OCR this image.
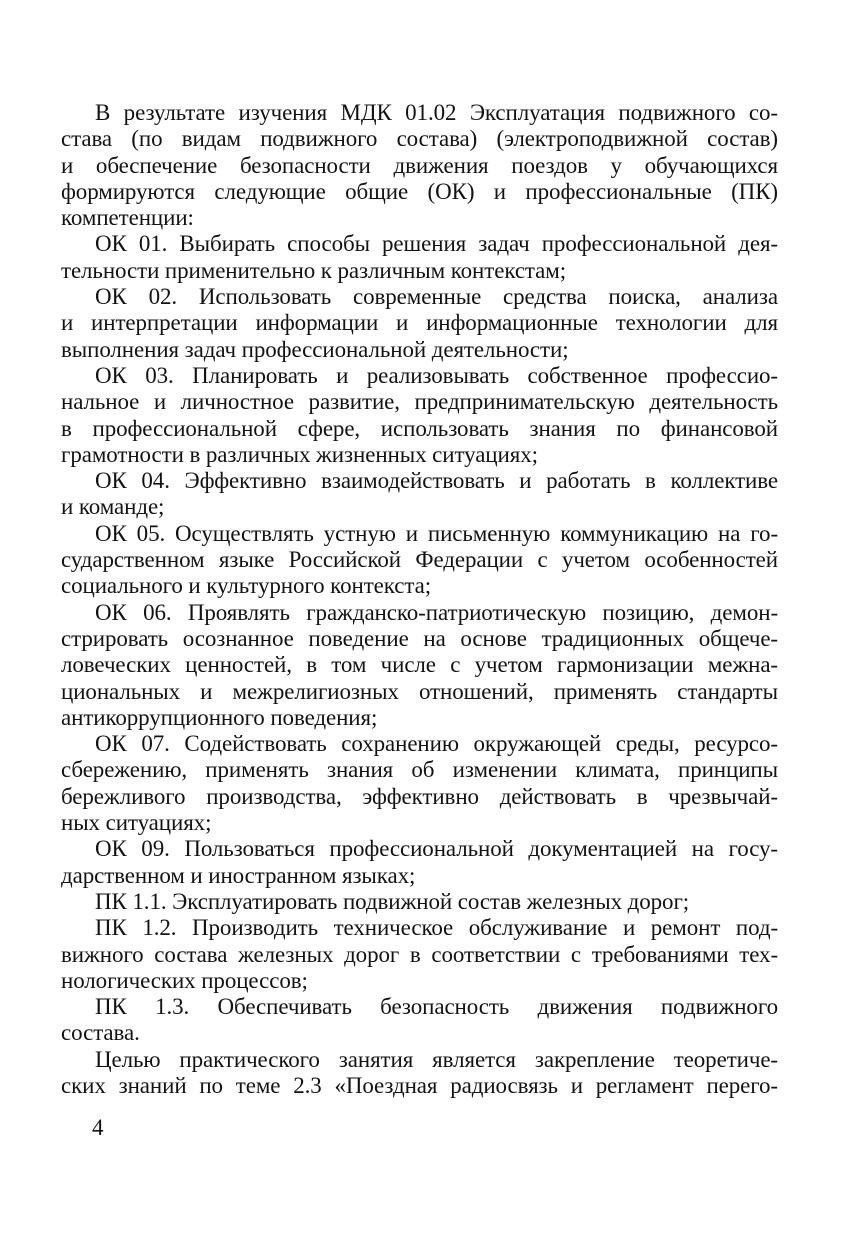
В результате изучения МДК 01.02 Эксплуатация подвижного со-
става (по видам подвижного состава) (электроподвижной состав)
и обеспечение безопасности движения поездов у обучающихся
формируются следующие общие (ОК) и профессиональные (ПК)
компетенции:

ОК 01. Выбирать способы решения задач профессиональной дея-
тельности применительно к различным контекстам;

ОК 02. Использовать современные средства поиска, анализа
и интерпретации информации и информационные технологии для
выполнения задач профессиональной деятельности;

ОК 03. Планировать и реализовывать собственное профессио-
нальное и личностное развитие, предпринимательскую деятельность
в профессиональной сфере, использовать знания по финансовой
грамотности в различных жизненных ситуациях;

ОК 04. Эффективно взаимодействовать и работать в коллективе
и команде;

ОК 05. Осуществлять устную и письменную коммуникацию на го-
сударственном языке Российской Федерации с учетом особенностей
социального и культурного контекста;

ОК 06. Проявлять гражданско-патриотическую позицию, демон-
стрировать осознанное поведение на основе традиционных общече-
ловеческих ценностей, в том числе с учетом гармонизации межна-
циональных и межрелигиозных отношений, применять стандарты
антикоррупционного поведения;

ОК 07. Содействовать сохранению окружающей среды, ресурсо-
сбережению, применять знания об изменении климата, принципы
бережливого производства, эффективно действовать в чрезвычай-
ных ситуациях;

ОК 09. Пользоваться профессиональной документацией на госу-
дарственном и иностранном языках;

ПК 1.1. Эксплуатировать подвижной состав железных дорог;

ПК 1.2. Производить техническое обслуживание и ремонт под-
вижного состава железных дорог в соответствии с требованиями тех-
нологических процессов;

ПК 1.3. Обеспечивать безопасность движения подвижного
состава.

Целью практического занятия является закрепление теоретиче-
ских знаний по теме 2.3 «Поездная радиосвязь и регламент перего-

4
